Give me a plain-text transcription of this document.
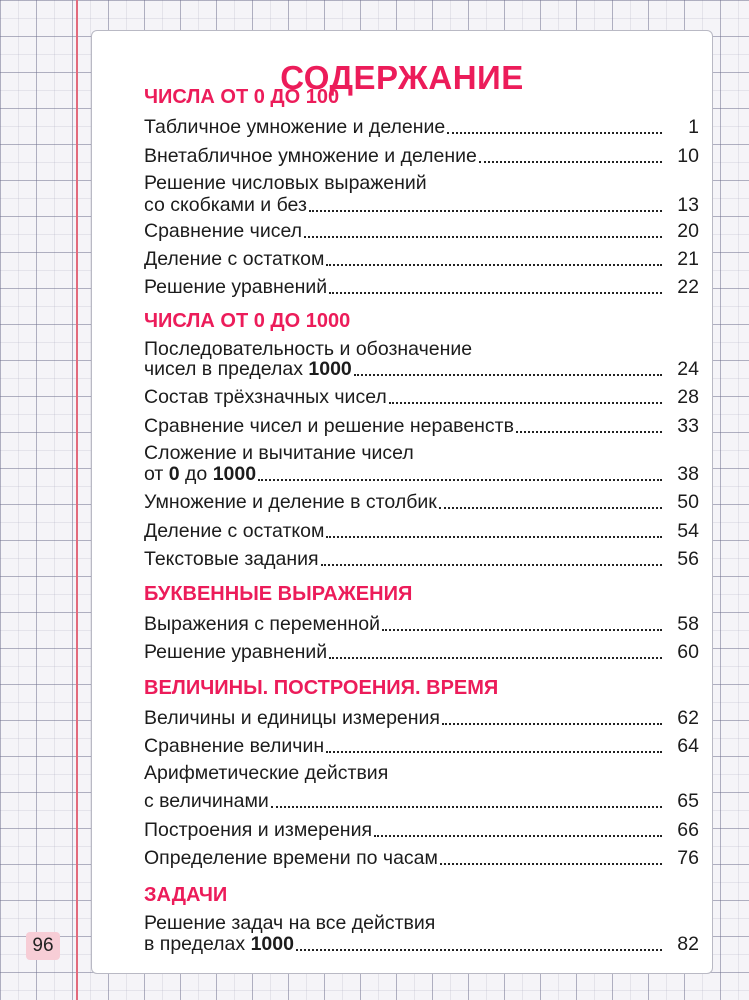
СОДЕРЖАНИЕ
96
ЧИСЛА ОТ 0 ДО 100
Табличное умножение и деление	1
Внетабличное умножение и деление	10
Решение числовых выражений
со скобками и без	13
Сравнение чисел	20
Деление с остатком	21
Решение уравнений	22
ЧИСЛА ОТ 0 ДО 1000
Последовательность и обозначение
чисел в пределах 1000	24
Состав трёхзначных чисел	28
Сравнение чисел и решение неравенств	33
Сложение и вычитание чисел
от 0 до 1000	38
Умножение и деление в столбик	50
Деление с остатком	54
Текстовые задания	56
БУКВЕННЫЕ ВЫРАЖЕНИЯ
Выражения с переменной	58
Решение уравнений	60
ВЕЛИЧИНЫ. ПОСТРОЕНИЯ. ВРЕМЯ
Величины и единицы измерения	62
Сравнение величин	64
Арифметические действия
с величинами	65
Построения и измерения	66
Определение времени по часам	76
ЗАДАЧИ
Решение задач на все действия
в пределах 1000	82
